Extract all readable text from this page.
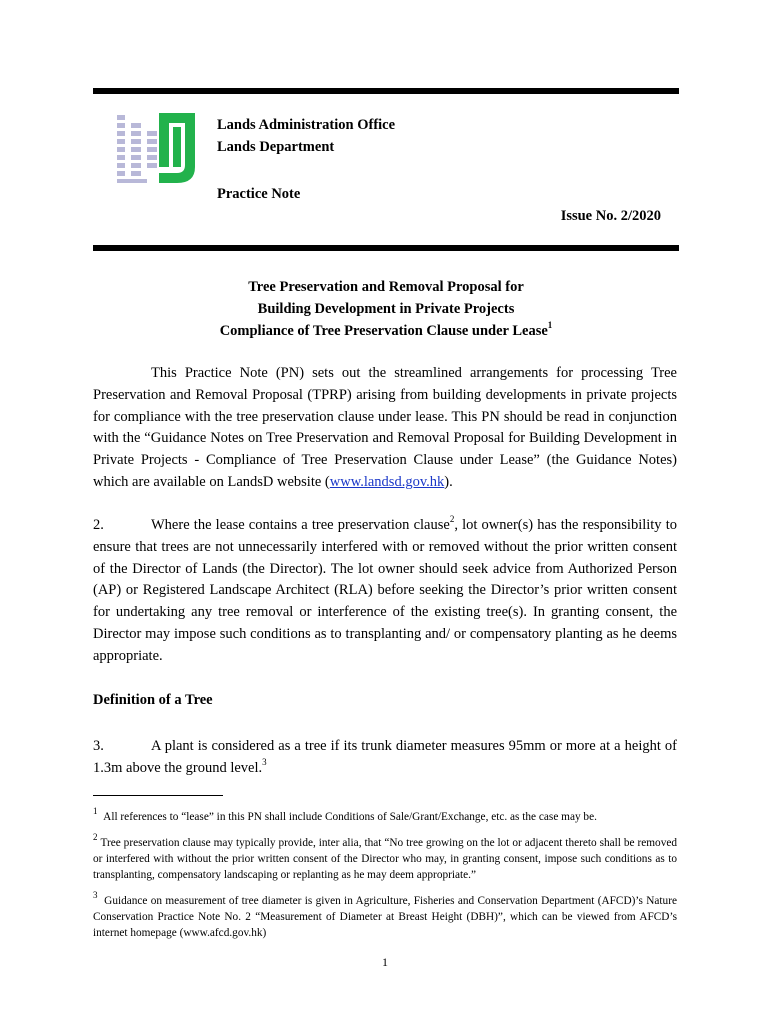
Lands Administration Office
Lands Department
Practice Note
Issue No. 2/2020
Tree Preservation and Removal Proposal for
Building Development in Private Projects
Compliance of Tree Preservation Clause under Lease$^1$
This Practice Note (PN) sets out the streamlined arrangements for processing Tree Preservation and Removal Proposal (TPRP) arising from building developments in private projects for compliance with the tree preservation clause under lease. This PN should be read in conjunction with the “Guidance Notes on Tree Preservation and Removal Proposal for Building Development in Private Projects - Compliance of Tree Preservation Clause under Lease” (the Guidance Notes) which are available on LandsD website (www.landsd.gov.hk).
2.	Where the lease contains a tree preservation clause$^2$, lot owner(s) has the responsibility to ensure that trees are not unnecessarily interfered with or removed without the prior written consent of the Director of Lands (the Director). The lot owner should seek advice from Authorized Person (AP) or Registered Landscape Architect (RLA) before seeking the Director’s prior written consent for undertaking any tree removal or interference of the existing tree(s). In granting consent, the Director may impose such conditions as to transplanting and/ or compensatory planting as he deems appropriate.
Definition of a Tree
3.	A plant is considered as a tree if its trunk diameter measures 95mm or more at a height of 1.3m above the ground level.$^3$
$^1$ All references to “lease” in this PN shall include Conditions of Sale/Grant/Exchange, etc. as the case may be.
$^2$ Tree preservation clause may typically provide, inter alia, that “No tree growing on the lot or adjacent thereto shall be removed or interfered with without the prior written consent of the Director who may, in granting consent, impose such conditions as to transplanting, compensatory landscaping or replanting as he may deem appropriate.”
$^3$ Guidance on measurement of tree diameter is given in Agriculture, Fisheries and Conservation Department (AFCD)’s Nature Conservation Practice Note No. 2 “Measurement of Diameter at Breast Height (DBH)”, which can be viewed from AFCD’s internet homepage (www.afcd.gov.hk)
1
